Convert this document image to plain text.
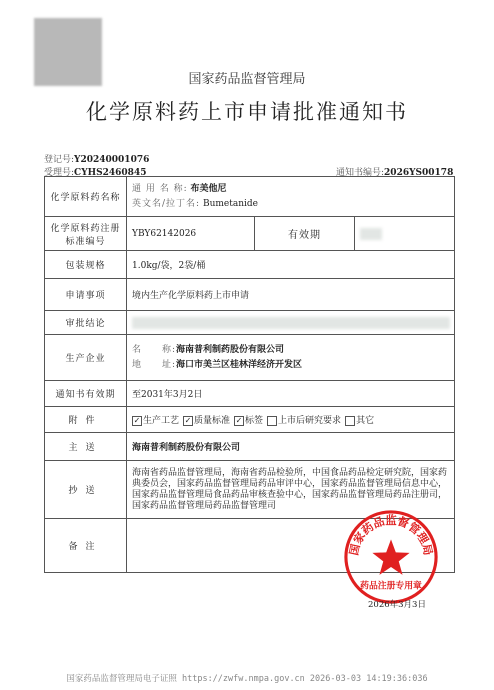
国家药品监督管理局
化学原料药上市申请批准通知书
登记号:Y20240001076
受理号:CYHS2460845	通知书编号:2026YS00178
化学原料药名称	通 用 名 称: 布美他尼
英文名/拉丁名: Bumetanide		

化学原料药注册标准编号	YBY62142026	有效期	
包装规格	1.0kg/袋，2袋/桶		
申请事项	境内生产化学原料药上市申请		
审批结论			
生产企业	名　　称:海南普利制药股份有限公司
地　　址:海口市美兰区桂林洋经济开发区		

通知书有效期	至2031年3月2日		
附件	✓ 生产工艺 ✓ 质量标准 ✓ 标签 上市后研究要求 其它		
主送	海南普利制药股份有限公司		
抄送	海南省药品监督管理局，海南省药品检验所，中国食品药品检定研究院，国家药典委员会，国家药品监督管理局药品审评中心，国家药品监督管理局信息中心，国家药品监督管理局食品药品审核查验中心，国家药品监督管理局药品注册司，国家药品监督管理局药品监督管理司		
备注				国家药品监督管理局
药品注册专用章
2026年3月3日
国家药品监督管理局电子证照 https://zwfw.nmpa.gov.cn 2026-03-03 14:19:36:036
